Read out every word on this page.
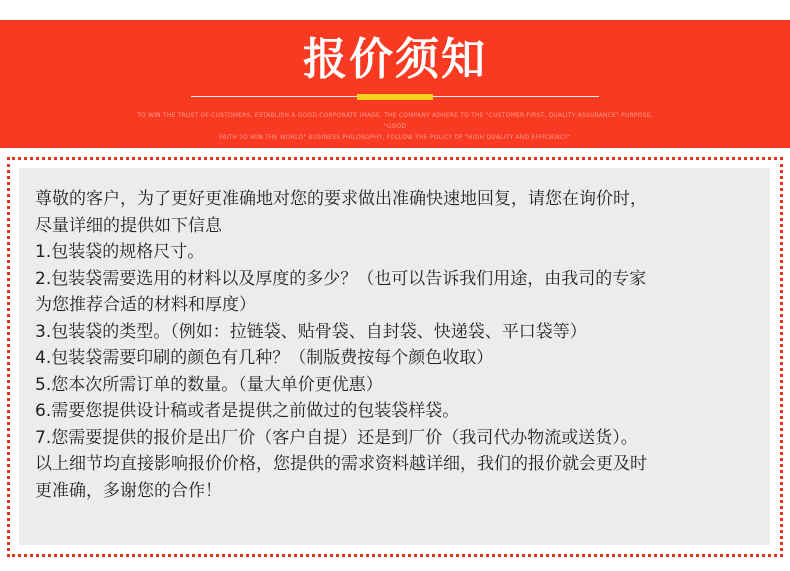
报价须知
TO WIN THE TRUST OF CUSTOMERS, ESTABLISH A GOOD CORPORATE IMAGE, THE COMPANY ADHERE TO THE "CUSTOMER FIRST, QUALITY ASSURANCE" PURPOSE, "GOOD
FAITH TO WIN THE WORLD" BUSINESS PHILOSOPHY, FOLLOW THE POLICY OF "HIGH QUALITY AND EFFICIENCY"
尊敬的客户，为了更好更准确地对您的要求做出准确快速地回复，请您在询价时，
尽量详细的提供如下信息
1.包装袋的规格尺寸。
2.包装袋需要选用的材料以及厚度的多少？（也可以告诉我们用途，由我司的专家
为您推荐合适的材料和厚度）
3.包装袋的类型。（例如：拉链袋、贴骨袋、自封袋、快递袋、平口袋等）
4.包装袋需要印刷的颜色有几种？（制版费按每个颜色收取）
5.您本次所需订单的数量。（量大单价更优惠）
6.需要您提供设计稿或者是提供之前做过的包装袋样袋。
7.您需要提供的报价是出厂价（客户自提）还是到厂价（我司代办物流或送货）。
以上细节均直接影响报价价格，您提供的需求资料越详细，我们的报价就会更及时
更准确，多谢您的合作！
